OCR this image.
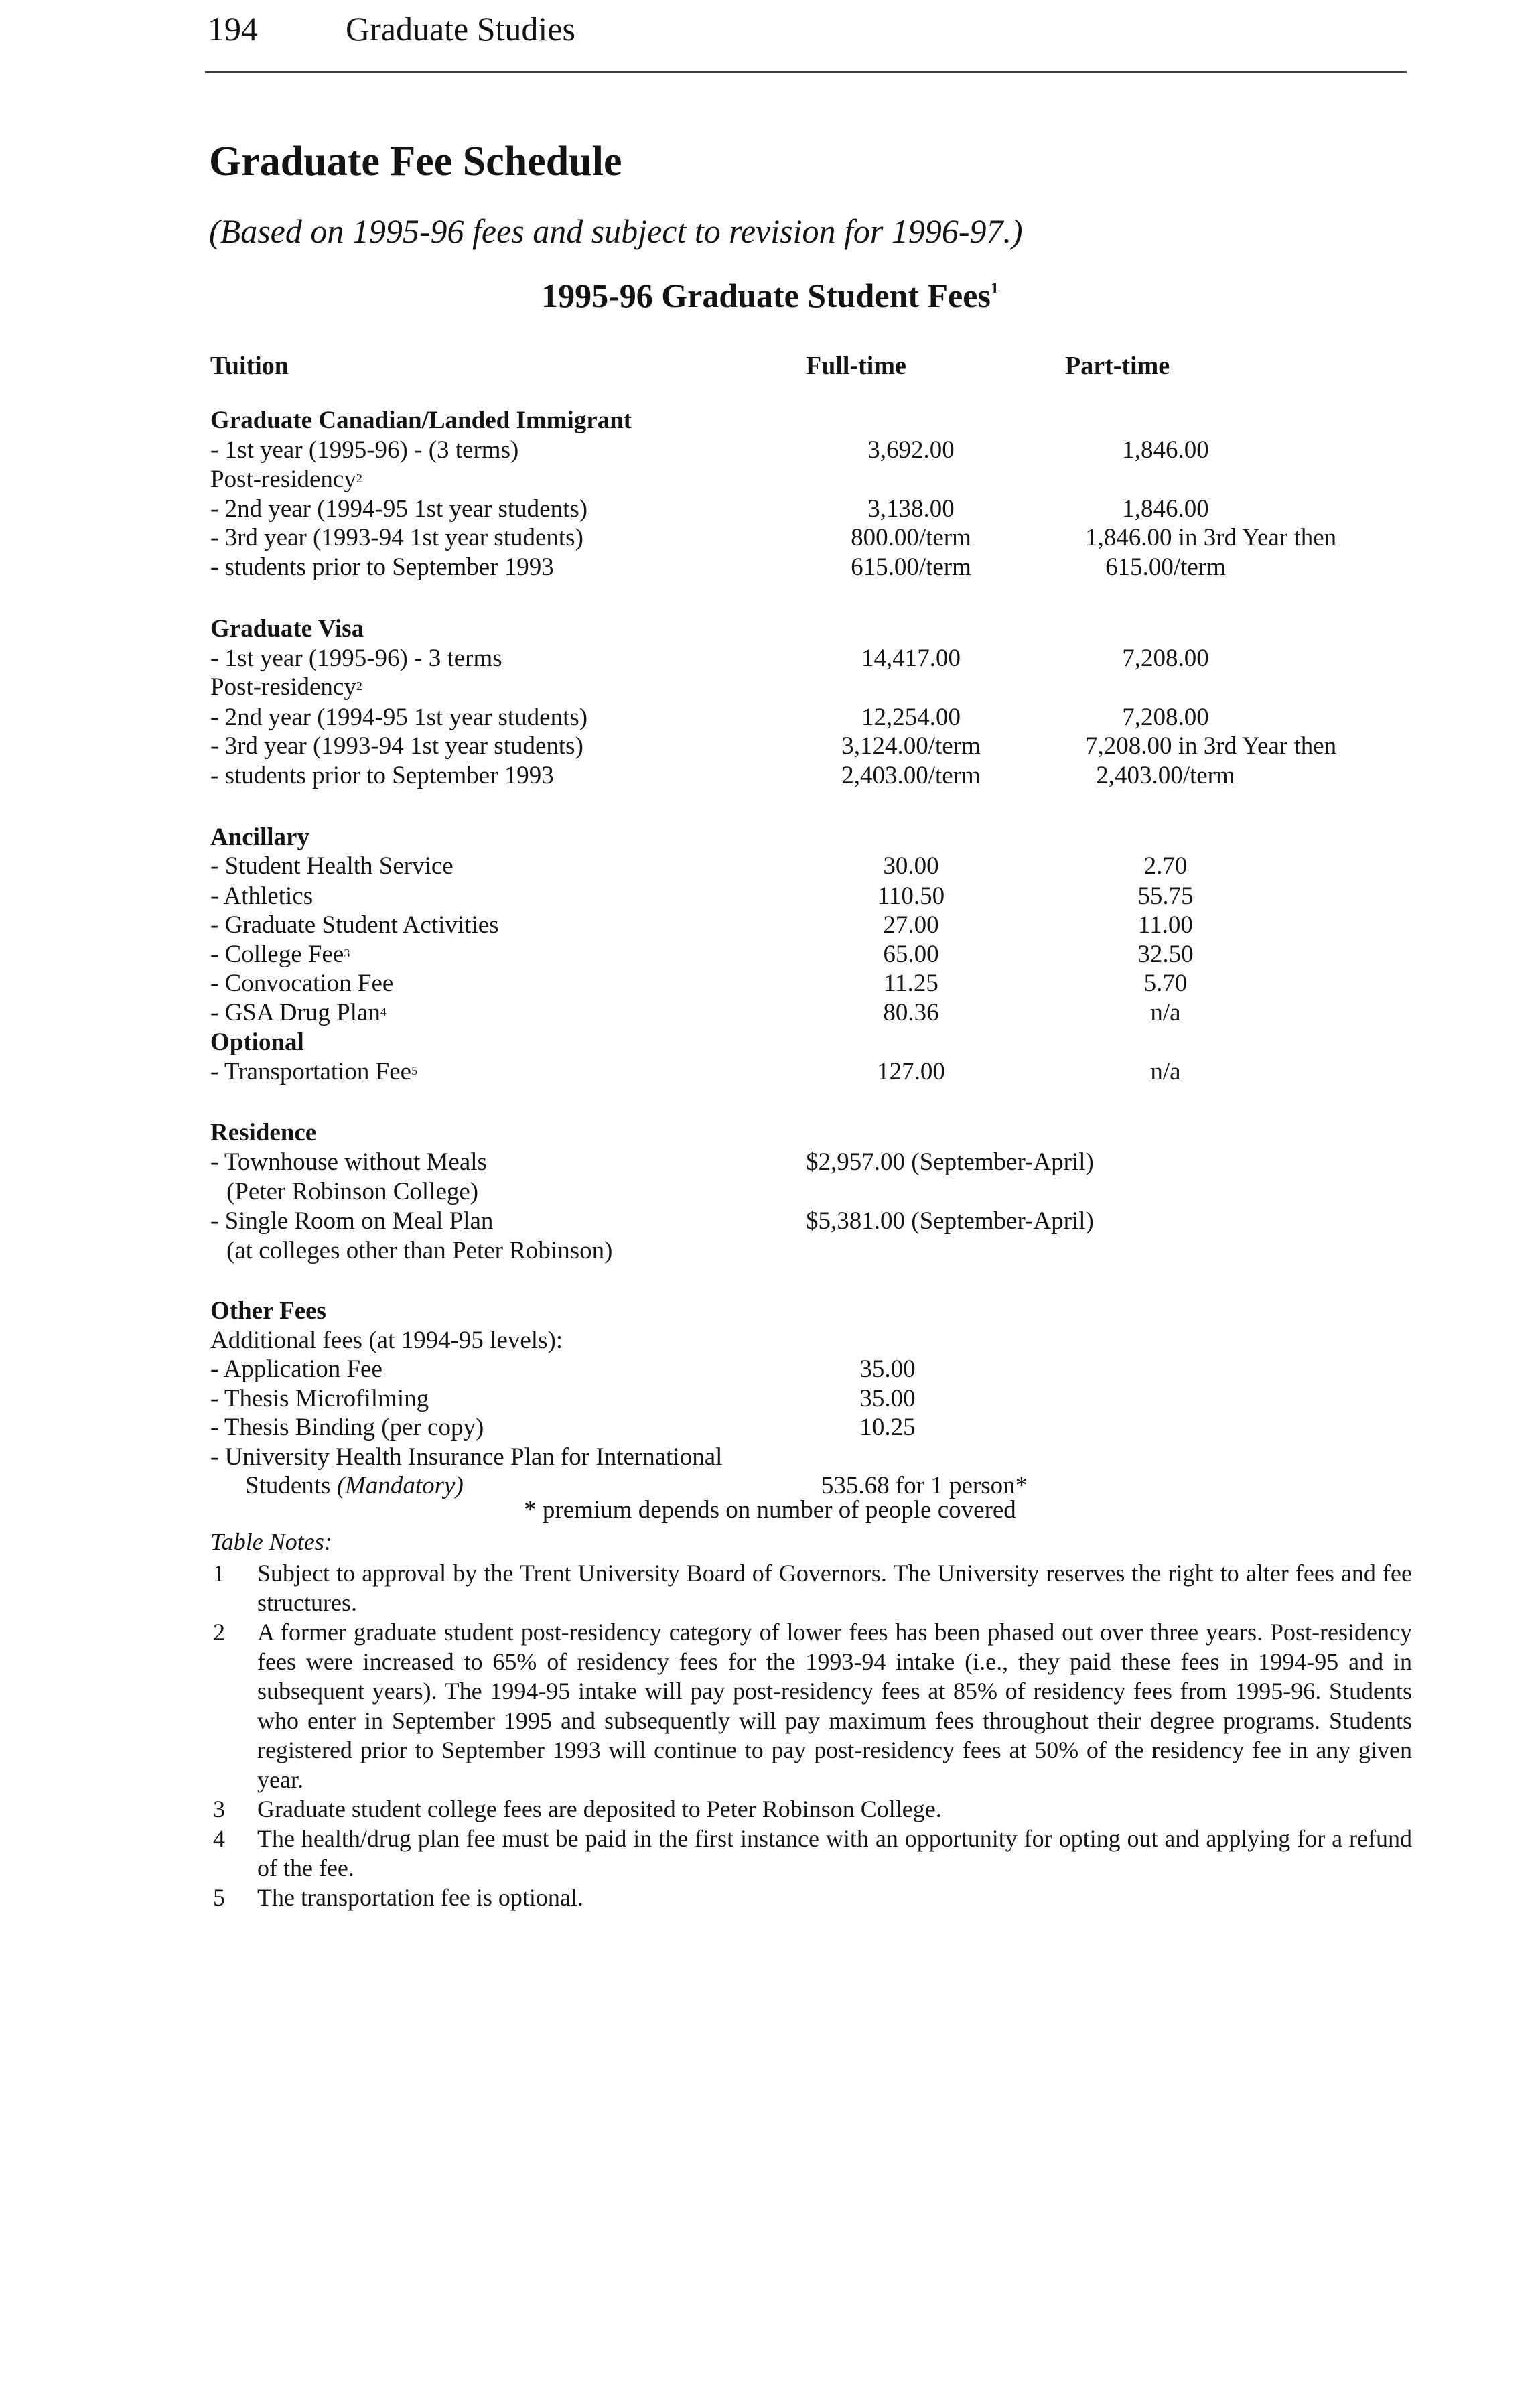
194	Graduate Studies
Graduate Fee Schedule
(Based on 1995-96 fees and subject to revision for 1996-97.)
1995-96 Graduate Student Fees$^1$
Tuition	Full-time	Part-time
Graduate Canadian/Landed Immigrant
- 1st year (1995-96) - (3 terms)	3,692.00	1,846.00
Post-residency$^2$
- 2nd year (1994-95 1st year students)	3,138.00	1,846.00
- 3rd year (1993-94 1st year students)	800.00/term	1,846.00 in 3rd Year then
- students prior to September 1993	615.00/term	615.00/term
Graduate Visa
- 1st year (1995-96) - 3 terms	14,417.00	7,208.00
Post-residency$^2$
- 2nd year (1994-95 1st year students)	12,254.00	7,208.00
- 3rd year (1993-94 1st year students)	3,124.00/term	7,208.00 in 3rd Year then
- students prior to September 1993	2,403.00/term	2,403.00/term
Ancillary
- Student Health Service	30.00	2.70
- Athletics	110.50	55.75
- Graduate Student Activities	27.00	11.00
- College Fee$^3$	65.00	32.50
- Convocation Fee	11.25	5.70
- GSA Drug Plan$^4$	80.36	n/a
Optional
- Transportation Fee$^5$	127.00	n/a
Residence
- Townhouse without Meals	$2,957.00 (September-April)
(Peter Robinson College)
- Single Room on Meal Plan	$5,381.00 (September-April)
(at colleges other than Peter Robinson)
Other Fees
Additional fees (at 1994-95 levels):
- Application Fee	35.00
- Thesis Microfilming	35.00
- Thesis Binding (per copy)	10.25
- University Health Insurance Plan for International
Students (Mandatory)	535.68 for 1 person*
* premium depends on number of people covered
Table Notes:
1 Subject to approval by the Trent University Board of Governors. The University reserves the right to alter fees and fee structures.
2 A former graduate student post-residency category of lower fees has been phased out over three years. Post-residency fees were increased to 65% of residency fees for the 1993-94 intake (i.e., they paid these fees in 1994-95 and in subsequent years). The 1994-95 intake will pay post-residency fees at 85% of residency fees from 1995-96. Students who enter in September 1995 and subsequently will pay maximum fees throughout their degree programs. Students registered prior to September 1993 will continue to pay post-residency fees at 50% of the residency fee in any given year.
3 Graduate student college fees are deposited to Peter Robinson College.
4 The health/drug plan fee must be paid in the first instance with an opportunity for opting out and applying for a refund of the fee.
5 The transportation fee is optional.
